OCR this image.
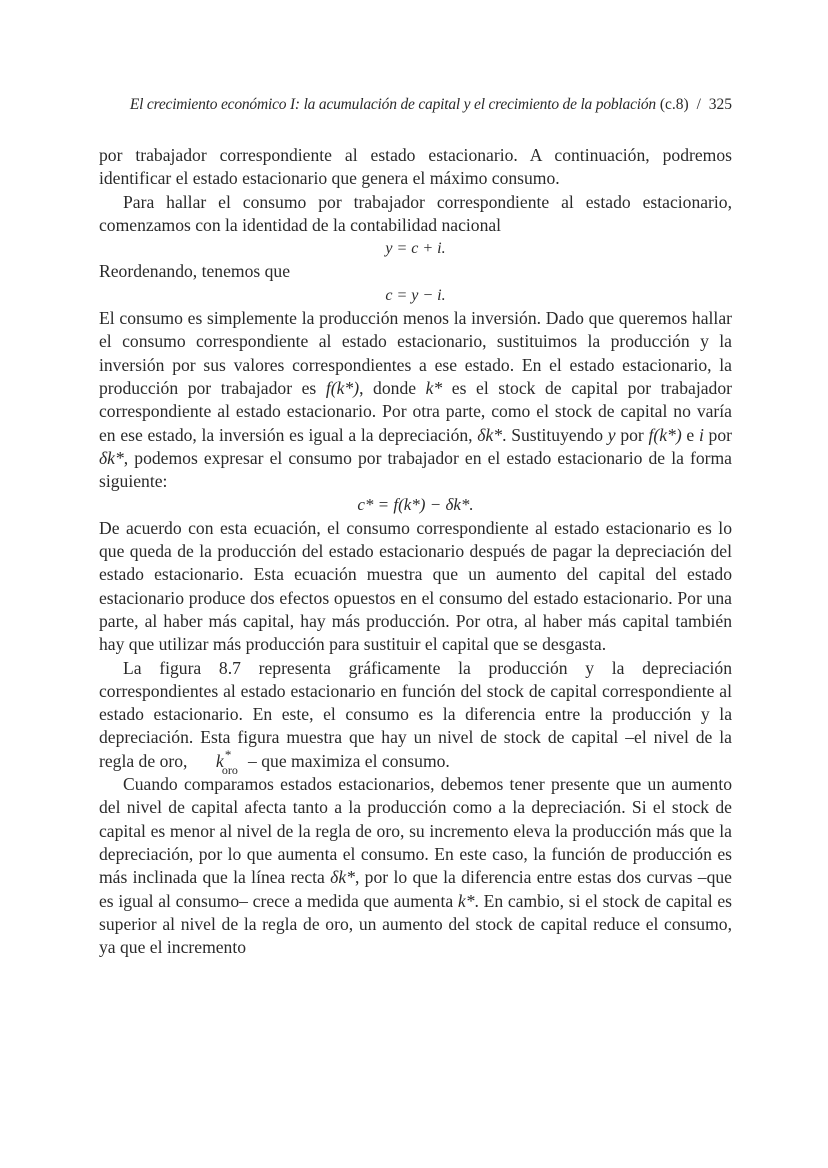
El crecimiento económico I: la acumulación de capital y el crecimiento de la población (c.8) / 325

por trabajador correspondiente al estado estacionario. A continuación, podremos identificar el estado estacionario que genera el máximo consumo.

Para hallar el consumo por trabajador correspondiente al estado estacionario, comenzamos con la identidad de la contabilidad nacional

y = c + i.

Reordenando, tenemos que

c = y − i.

El consumo es simplemente la producción menos la inversión. Dado que queremos hallar el consumo correspondiente al estado estacionario, sustituimos la producción y la inversión por sus valores correspondientes a ese estado. En el estado estacionario, la producción por trabajador es f(k*), donde k* es el stock de capital por trabajador correspondiente al estado estacionario. Por otra parte, como el stock de capital no varía en ese estado, la inversión es igual a la depreciación, δk*. Sustituyendo y por f(k*) e i por δk*, podemos expresar el consumo por trabajador en el estado estacionario de la forma siguiente:

c* = f(k*) − δk*.

De acuerdo con esta ecuación, el consumo correspondiente al estado estacionario es lo que queda de la producción del estado estacionario después de pagar la depreciación del estado estacionario. Esta ecuación muestra que un aumento del capital del estado estacionario produce dos efectos opuestos en el consumo del estado estacionario. Por una parte, al haber más capital, hay más producción. Por otra, al haber más capital también hay que utilizar más producción para sustituir el capital que se desgasta.

La figura 8.7 representa gráficamente la producción y la depreciación correspondientes al estado estacionario en función del stock de capital correspondiente al estado estacionario. En este, el consumo es la diferencia entre la producción y la depreciación. Esta figura muestra que hay un nivel de stock de capital –el nivel de la regla de oro, k *
oro – que maximiza el consumo.

Cuando comparamos estados estacionarios, debemos tener presente que un aumento del nivel de capital afecta tanto a la producción como a la depreciación. Si el stock de capital es menor al nivel de la regla de oro, su incremento eleva la producción más que la depreciación, por lo que aumenta el consumo. En este caso, la función de producción es más inclinada que la línea recta δk*, por lo que la diferencia entre estas dos curvas –que es igual al consumo– crece a medida que aumenta k*. En cambio, si el stock de capital es superior al nivel de la regla de oro, un aumento del stock de capital reduce el consumo, ya que el incremento
